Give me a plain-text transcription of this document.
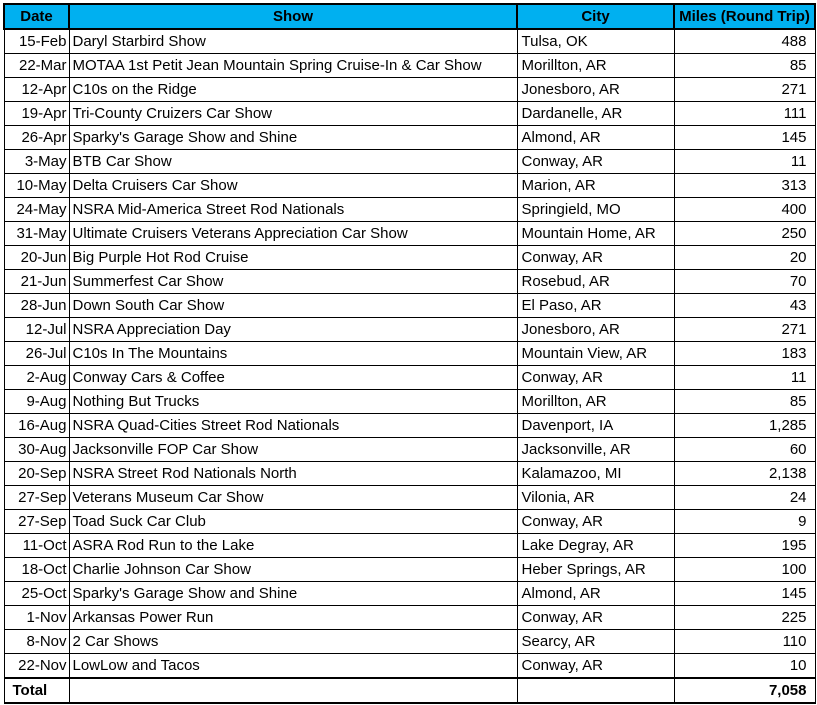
Date	Show	City	Miles (Round Trip)
15-Feb	Daryl Starbird Show	Tulsa, OK	488
22-Mar	MOTAA 1st Petit Jean Mountain Spring Cruise-In & Car Show	Morillton, AR	85
12-Apr	C10s on the Ridge	Jonesboro, AR	271
19-Apr	Tri-County Cruizers Car Show	Dardanelle, AR	111
26-Apr	Sparky's Garage Show and Shine	Almond, AR	145
3-May	BTB Car Show	Conway, AR	11
10-May	Delta Cruisers Car Show	Marion, AR	313
24-May	NSRA Mid-America Street Rod Nationals	Springield, MO	400
31-May	Ultimate Cruisers Veterans Appreciation Car Show	Mountain Home, AR	250
20-Jun	Big Purple Hot Rod Cruise	Conway, AR	20
21-Jun	Summerfest Car Show	Rosebud, AR	70
28-Jun	Down South Car Show	El Paso, AR	43
12-Jul	NSRA Appreciation Day	Jonesboro, AR	271
26-Jul	C10s In The Mountains	Mountain View, AR	183
2-Aug	Conway Cars & Coffee	Conway, AR	11
9-Aug	Nothing But Trucks	Morillton, AR	85
16-Aug	NSRA Quad-Cities Street Rod Nationals	Davenport, IA	1,285
30-Aug	Jacksonville FOP Car Show	Jacksonville, AR	60
20-Sep	NSRA Street Rod Nationals North	Kalamazoo, MI	2,138
27-Sep	Veterans Museum Car Show	Vilonia, AR	24
27-Sep	Toad Suck Car Club	Conway, AR	9
11-Oct	ASRA Rod Run to the Lake	Lake Degray, AR	195
18-Oct	Charlie Johnson Car Show	Heber Springs, AR	100
25-Oct	Sparky's Garage Show and Shine	Almond, AR	145
1-Nov	Arkansas Power Run	Conway, AR	225
8-Nov	2 Car Shows	Searcy, AR	110
22-Nov	LowLow and Tacos	Conway, AR	10
Total			7,058
